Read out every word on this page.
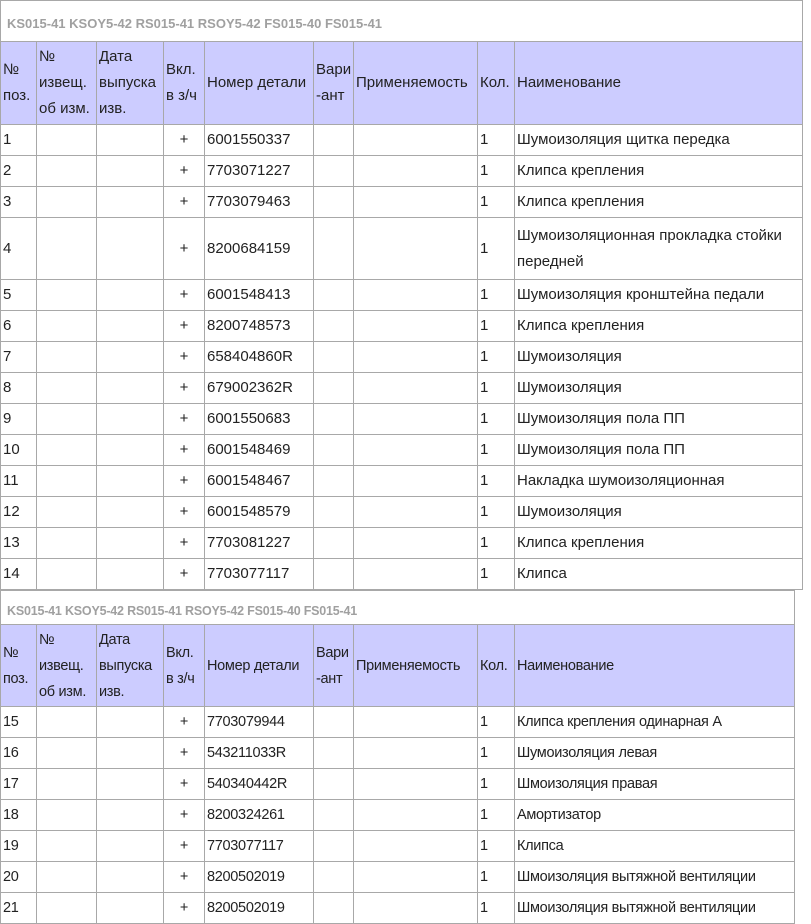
KS015-41 KSOY5-42 RS015-41 RSOY5-42 FS015-40 FS015-41								
№ поз.	№ извещ. об изм.	Дата выпуска изв.	Вкл. в з/ч	Номер детали	Вари -ант	Применяемость	Кол.	Наименование
1			+	6001550337			1	Шумоизоляция щитка передка
2			+	7703071227			1	Клипса крепления
3			+	7703079463			1	Клипса крепления
4			+	8200684159			1	Шумоизоляционная прокладка стойки передней
5			+	6001548413			1	Шумоизоляция кронштейна педали
6			+	8200748573			1	Клипса крепления
7			+	658404860R			1	Шумоизоляция
8			+	679002362R			1	Шумоизоляция
9			+	6001550683			1	Шумоизоляция пола ПП
10			+	6001548469			1	Шумоизоляция пола ПП
11			+	6001548467			1	Накладка шумоизоляционная
12			+	6001548579			1	Шумоизоляция
13			+	7703081227			1	Клипса крепления
14			+	7703077117			1	Клипса
KS015-41 KSOY5-42 RS015-41 RSOY5-42 FS015-40 FS015-41								
№ поз.	№ извещ. об изм.	Дата выпуска изв.	Вкл. в з/ч	Номер детали	Вари -ант	Применяемость	Кол.	Наименование
15			+	7703079944			1	Клипса крепления одинарная А
16			+	543211033R			1	Шумоизоляция левая
17			+	540340442R			1	Шмоизоляция правая
18			+	8200324261			1	Амортизатор
19			+	7703077117			1	Клипса
20			+	8200502019			1	Шмоизоляция вытяжной вентиляции
21			+	8200502019			1	Шмоизоляция вытяжной вентиляции
